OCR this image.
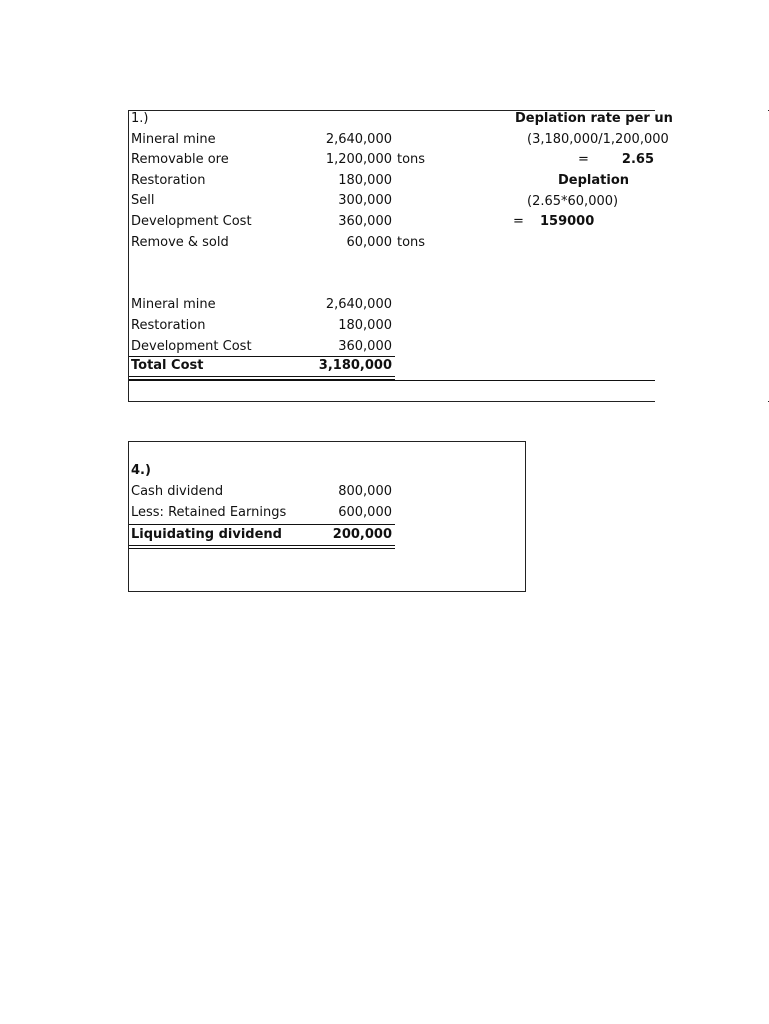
1.)
Mineral mine	2,640,000
Removable ore	1,200,000 tons
Restoration	180,000
Sell	300,000
Development Cost	360,000
Remove & sold	60,000 tons
Mineral mine	2,640,000
Restoration	180,000
Development Cost	360,000
Total Cost	3,180,000
Deplation rate per un
(3,180,000/1,200,000
=	2.65
Deplation
(2.65*60,000)
= 159000
4.)
Cash dividend	800,000
Less: Retained Earnings	600,000
Liquidating dividend	200,000
